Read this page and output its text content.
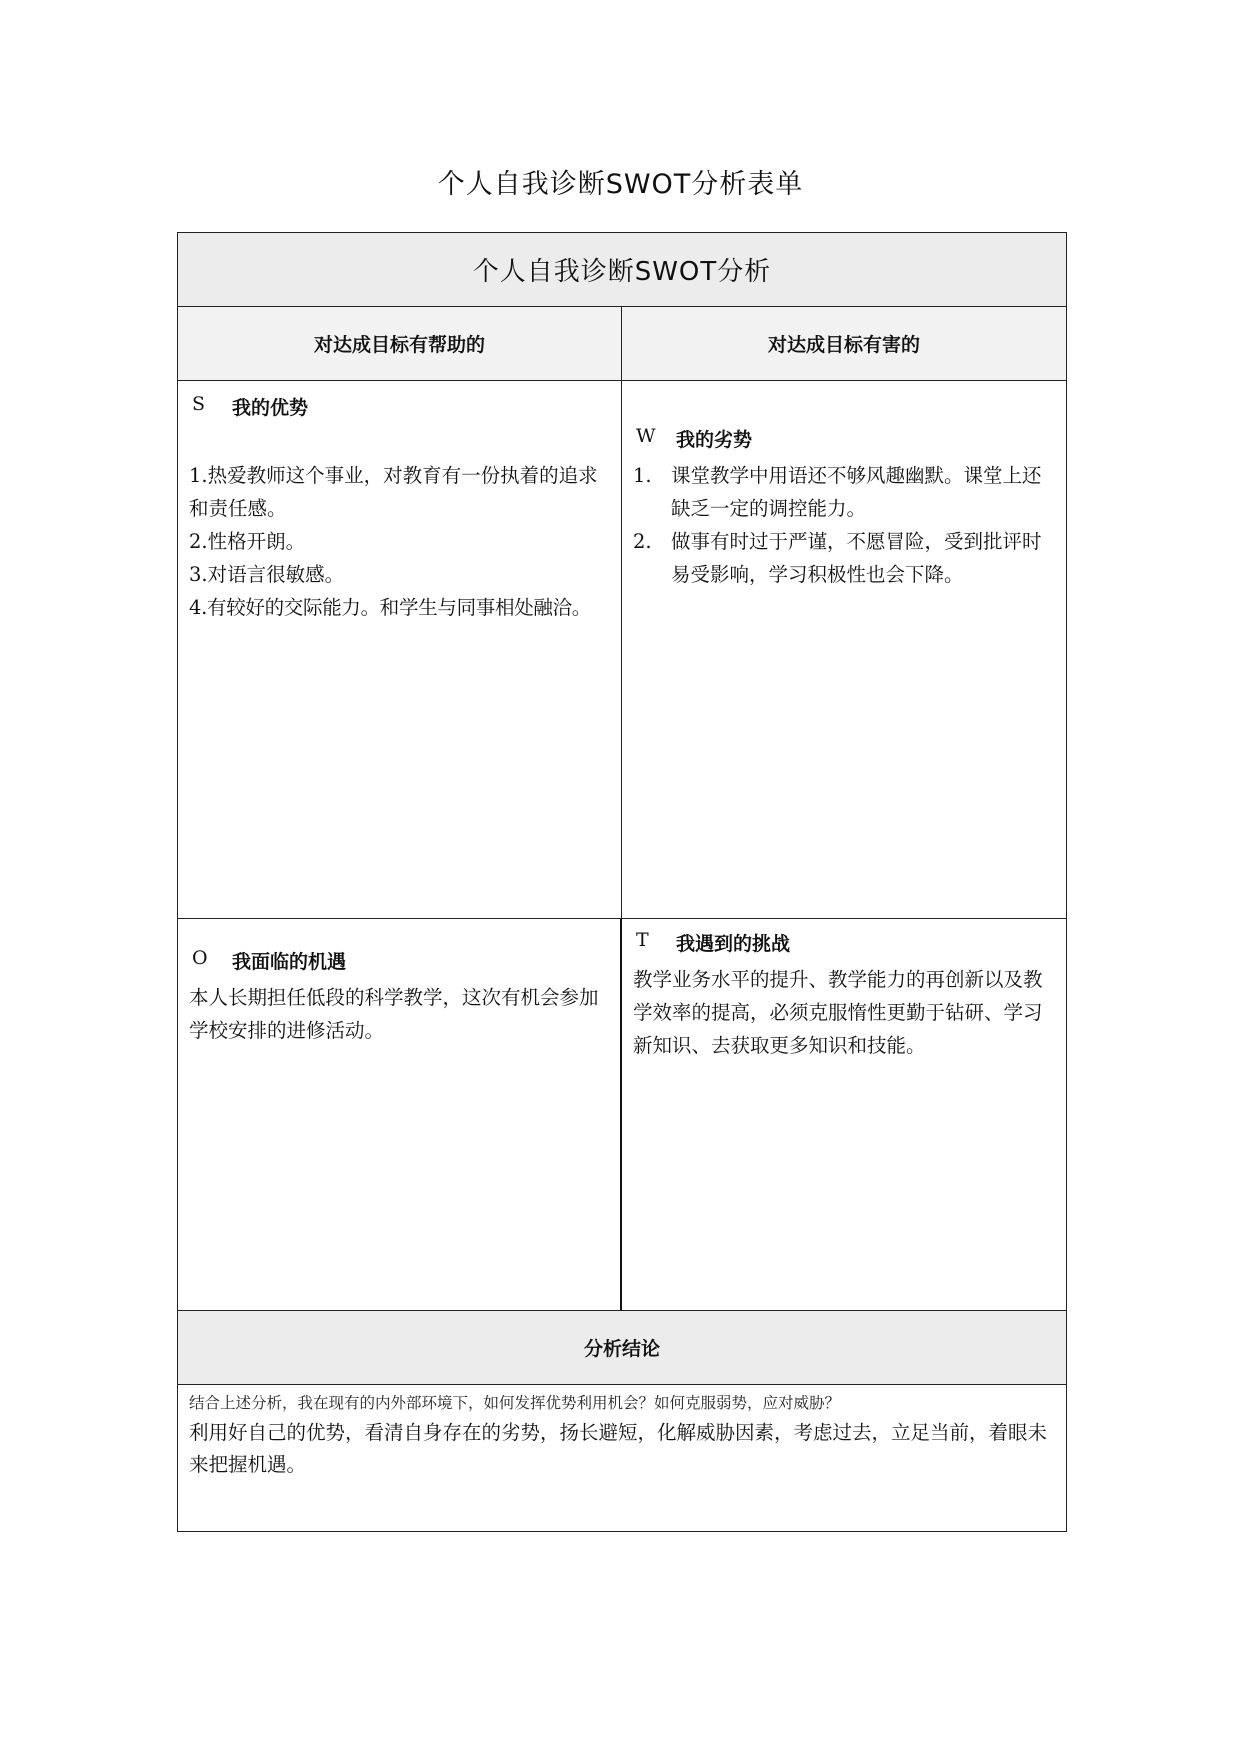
个人自我诊断SWOT分析表单
个人自我诊断SWOT分析
对达成目标有帮助的	对达成目标有害的
S	我的优势
1.热爱教师这个事业，对教育有一份执着的追求和责任感。
2.性格开朗。
3.对语言很敏感。
4.有较好的交际能力。和学生与同事相处融洽。
W 我的劣势
1. 课堂教学中用语还不够风趣幽默。课堂上还缺乏一定的调控能力。
2. 做事有时过于严谨，不愿冒险，受到批评时易受影响，学习积极性也会下降。
O	我面临的机遇
本人长期担任低段的科学教学，这次有机会参加学校安排的进修活动。
T	我遇到的挑战
教学业务水平的提升、教学能力的再创新以及教学效率的提高，必须克服惰性更勤于钻研、学习新知识、去获取更多知识和技能。
分析结论
结合上述分析，我在现有的内外部环境下，如何发挥优势利用机会？如何克服弱势，应对威胁？
利用好自己的优势，看清自身存在的劣势，扬长避短，化解威胁因素，考虑过去，立足当前，着眼未来把握机遇。
